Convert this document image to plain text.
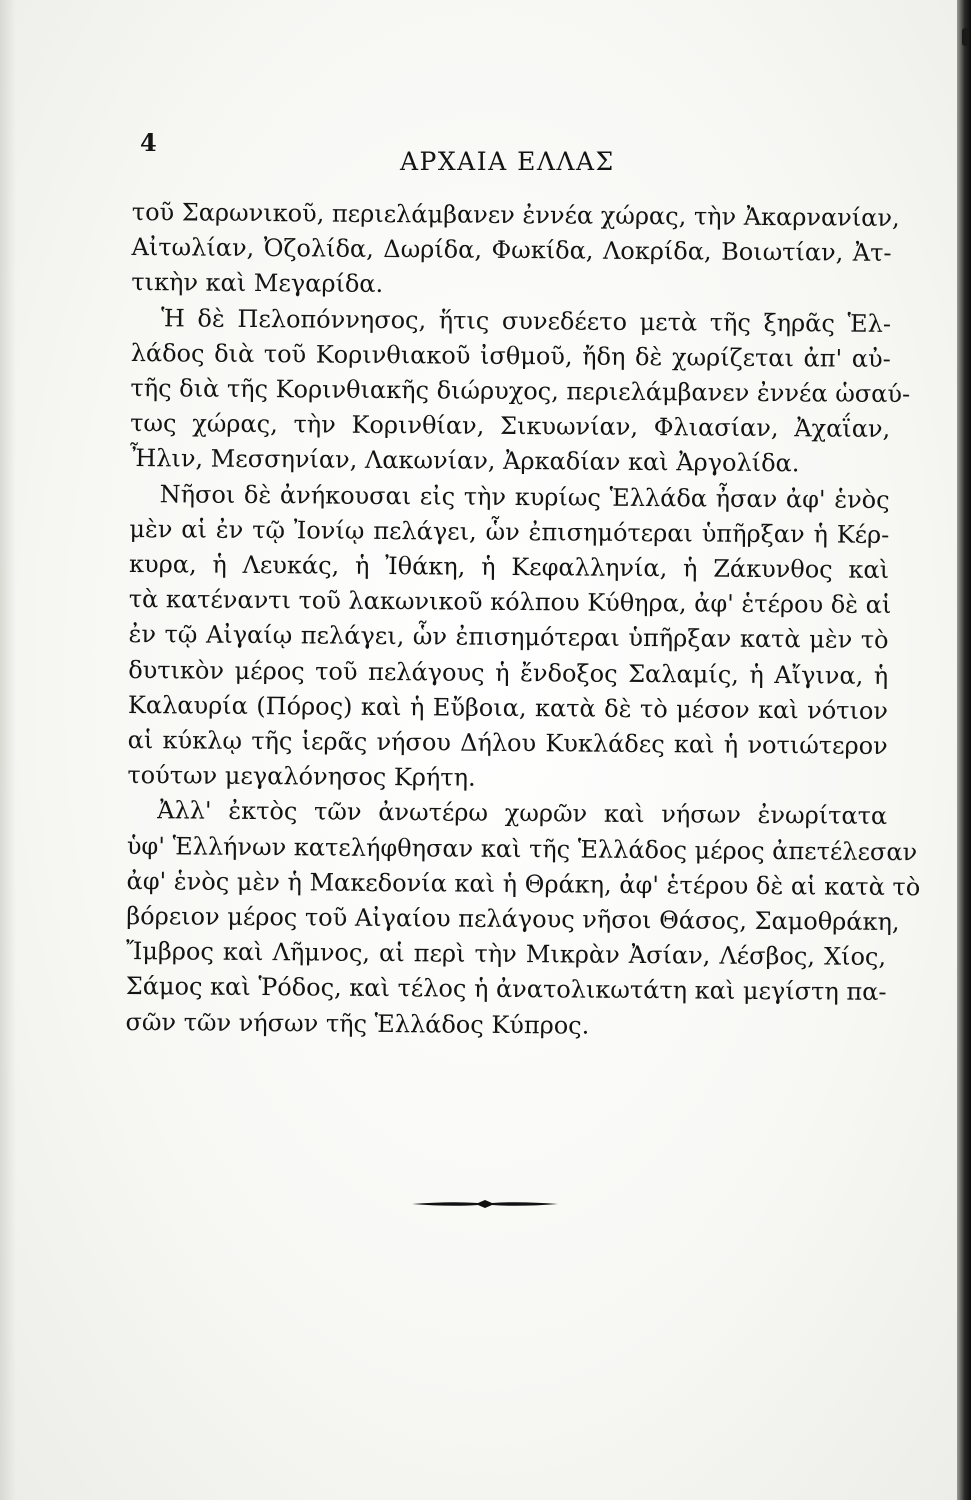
4
ΑΡΧΑΙΑ ΕΛΛΑΣ

τοῦ Σαρωνικοῦ, περιελάμβανεν ἐννέα χώρας, τὴν Ἀκαρνανίαν,
Αἰτωλίαν, Ὀζολίδα, Δωρίδα, Φωκίδα, Λοκρίδα, Βοιωτίαν, Ἀτ-
τικὴν καὶ Μεγαρίδα.

Ἡ δὲ Πελοπόννησος, ἥτις συνεδέετο μετὰ τῆς ξηρᾶς Ἑλ-
λάδος διὰ τοῦ Κορινθιακοῦ ἰσθμοῦ, ἤδη δὲ χωρίζεται ἀπ' αὐ-
τῆς διὰ τῆς Κορινθιακῆς διώρυχος, περιελάμβανεν ἐννέα ὡσαύ-
τως χώρας, τὴν Κορινθίαν, Σικυωνίαν, Φλιασίαν, Ἀχαΐαν,
Ἦλιν, Μεσσηνίαν, Λακωνίαν, Ἀρκαδίαν καὶ Ἀργολίδα.

Νῆσοι δὲ ἀνήκουσαι εἰς τὴν κυρίως Ἑλλάδα ἦσαν ἀφ' ἑνὸς
μὲν αἱ ἐν τῷ Ἰονίῳ πελάγει, ὧν ἐπισημότεραι ὑπῆρξαν ἡ Κέρ-
κυρα, ἡ Λευκάς, ἡ Ἰθάκη, ἡ Κεφαλληνία, ἡ Ζάκυνθος καὶ
τὰ κατέναντι τοῦ λακωνικοῦ κόλπου Κύθηρα, ἀφ' ἑτέρου δὲ αἱ
ἐν τῷ Αἰγαίῳ πελάγει, ὧν ἐπισημότεραι ὑπῆρξαν κατὰ μὲν τὸ
δυτικὸν μέρος τοῦ πελάγους ἡ ἔνδοξος Σαλαμίς, ἡ Αἴγινα, ἡ
Καλαυρία (Πόρος) καὶ ἡ Εὔβοια, κατὰ δὲ τὸ μέσον καὶ νότιον
αἱ κύκλῳ τῆς ἱερᾶς νήσου Δήλου Κυκλάδες καὶ ἡ νοτιώτερον
τούτων μεγαλόνησος Κρήτη.

Ἀλλ' ἐκτὸς τῶν ἀνωτέρω χωρῶν καὶ νήσων ἐνωρίτατα
ὑφ' Ἑλλήνων κατελήφθησαν καὶ τῆς Ἑλλάδος μέρος ἀπετέλεσαν
ἀφ' ἑνὸς μὲν ἡ Μακεδονία καὶ ἡ Θράκη, ἀφ' ἑτέρου δὲ αἱ κατὰ τὸ
βόρειον μέρος τοῦ Αἰγαίου πελάγους νῆσοι Θάσος, Σαμοθράκη,
Ἴμβρος καὶ Λῆμνος, αἱ περὶ τὴν Μικρὰν Ἀσίαν, Λέσβος, Χίος,
Σάμος καὶ Ῥόδος, καὶ τέλος ἡ ἀνατολικωτάτη καὶ μεγίστη πα-
σῶν τῶν νήσων τῆς Ἑλλάδος Κύπρος.
